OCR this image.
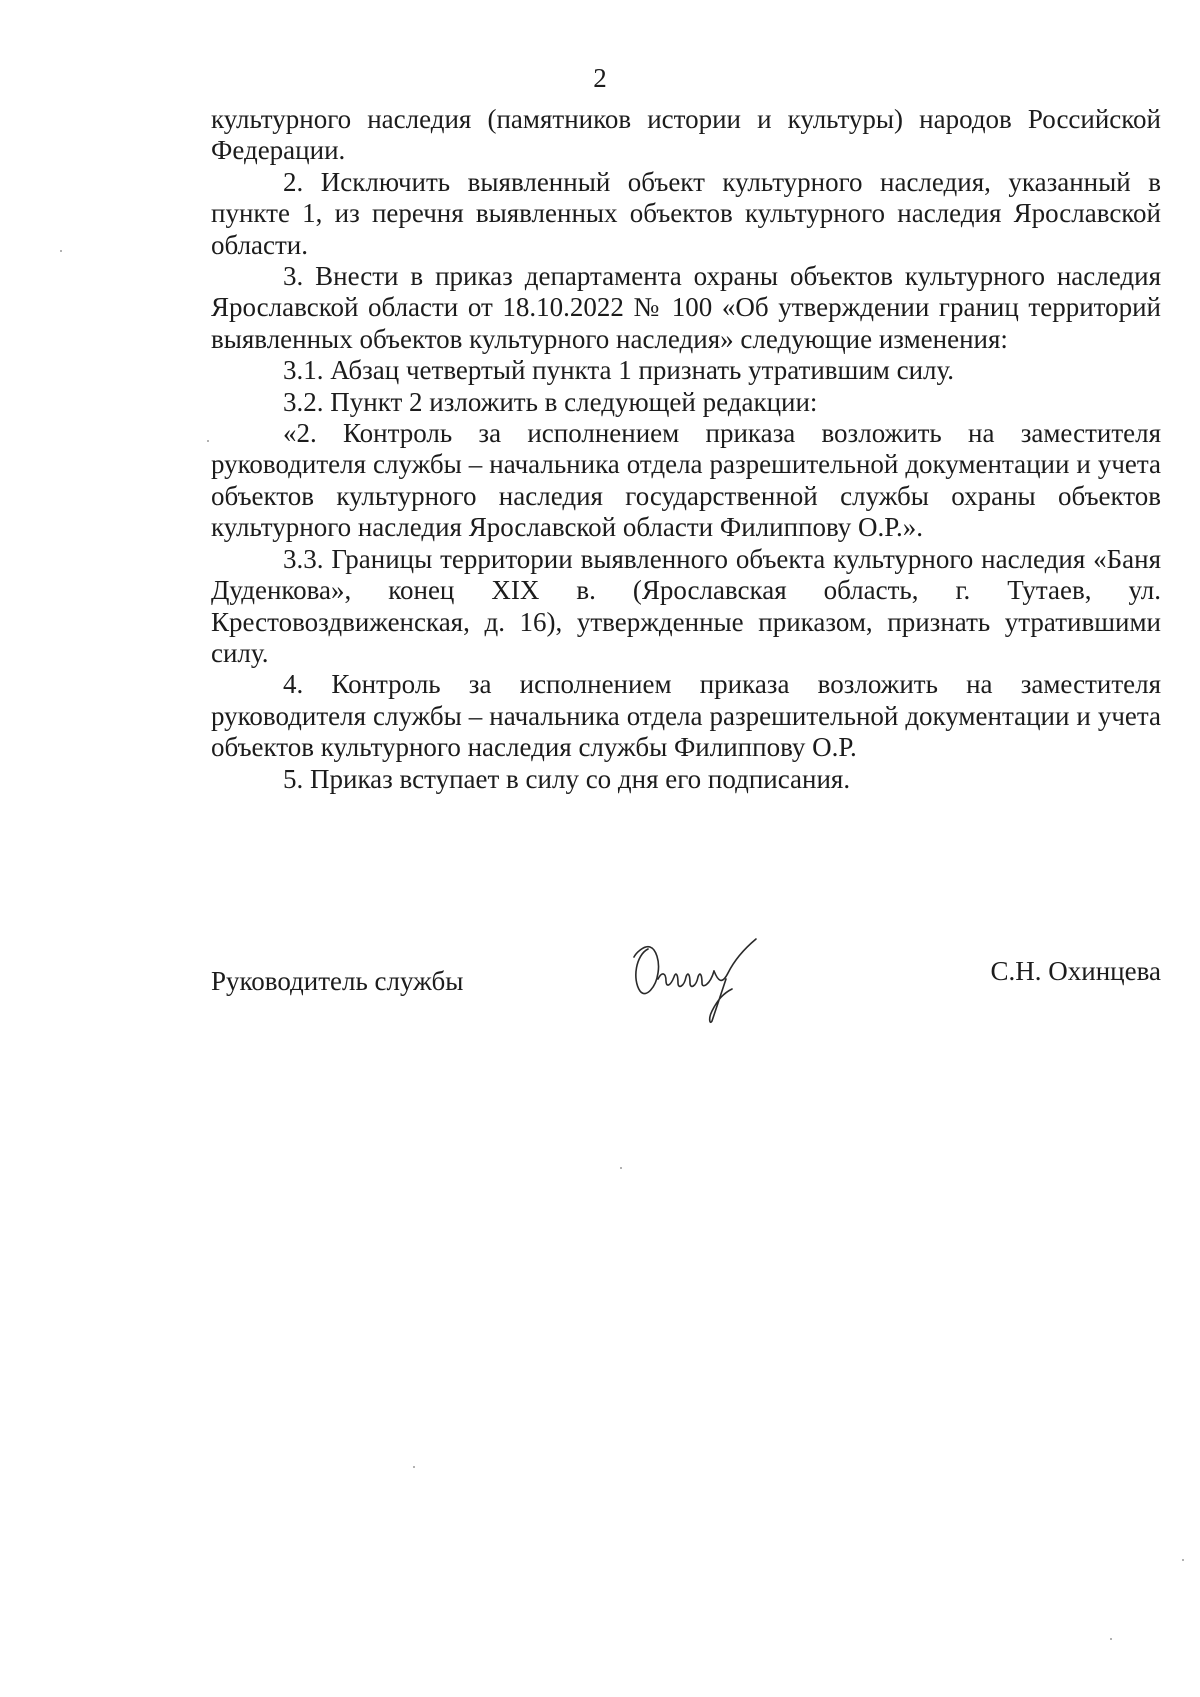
2

культурного наследия (памятников истории и культуры) народов Российской Федерации.

2. Исключить выявленный объект культурного наследия, указанный в пункте 1, из перечня выявленных объектов культурного наследия Ярославской области.

3. Внести в приказ департамента охраны объектов культурного наследия Ярославской области от 18.10.2022 № 100 «Об утверждении границ территорий выявленных объектов культурного наследия» следующие изменения:

3.1. Абзац четвертый пункта 1 признать утратившим силу.

3.2. Пункт 2 изложить в следующей редакции:

«2. Контроль за исполнением приказа возложить на заместителя руководителя службы – начальника отдела разрешительной документации и учета объектов культурного наследия государственной службы охраны объектов культурного наследия Ярославской области Филиппову О.Р.».

3.3. Границы территории выявленного объекта культурного наследия «Баня Дуденкова», конец XIX в. (Ярославская область, г. Тутаев, ул. Крестовоздвиженская, д. 16), утвержденные приказом, признать утратившими силу.

4. Контроль за исполнением приказа возложить на заместителя руководителя службы – начальника отдела разрешительной документации и учета объектов культурного наследия службы Филиппову О.Р.

5. Приказ вступает в силу со дня его подписания.

Руководитель службы	С.Н. Охинцева
